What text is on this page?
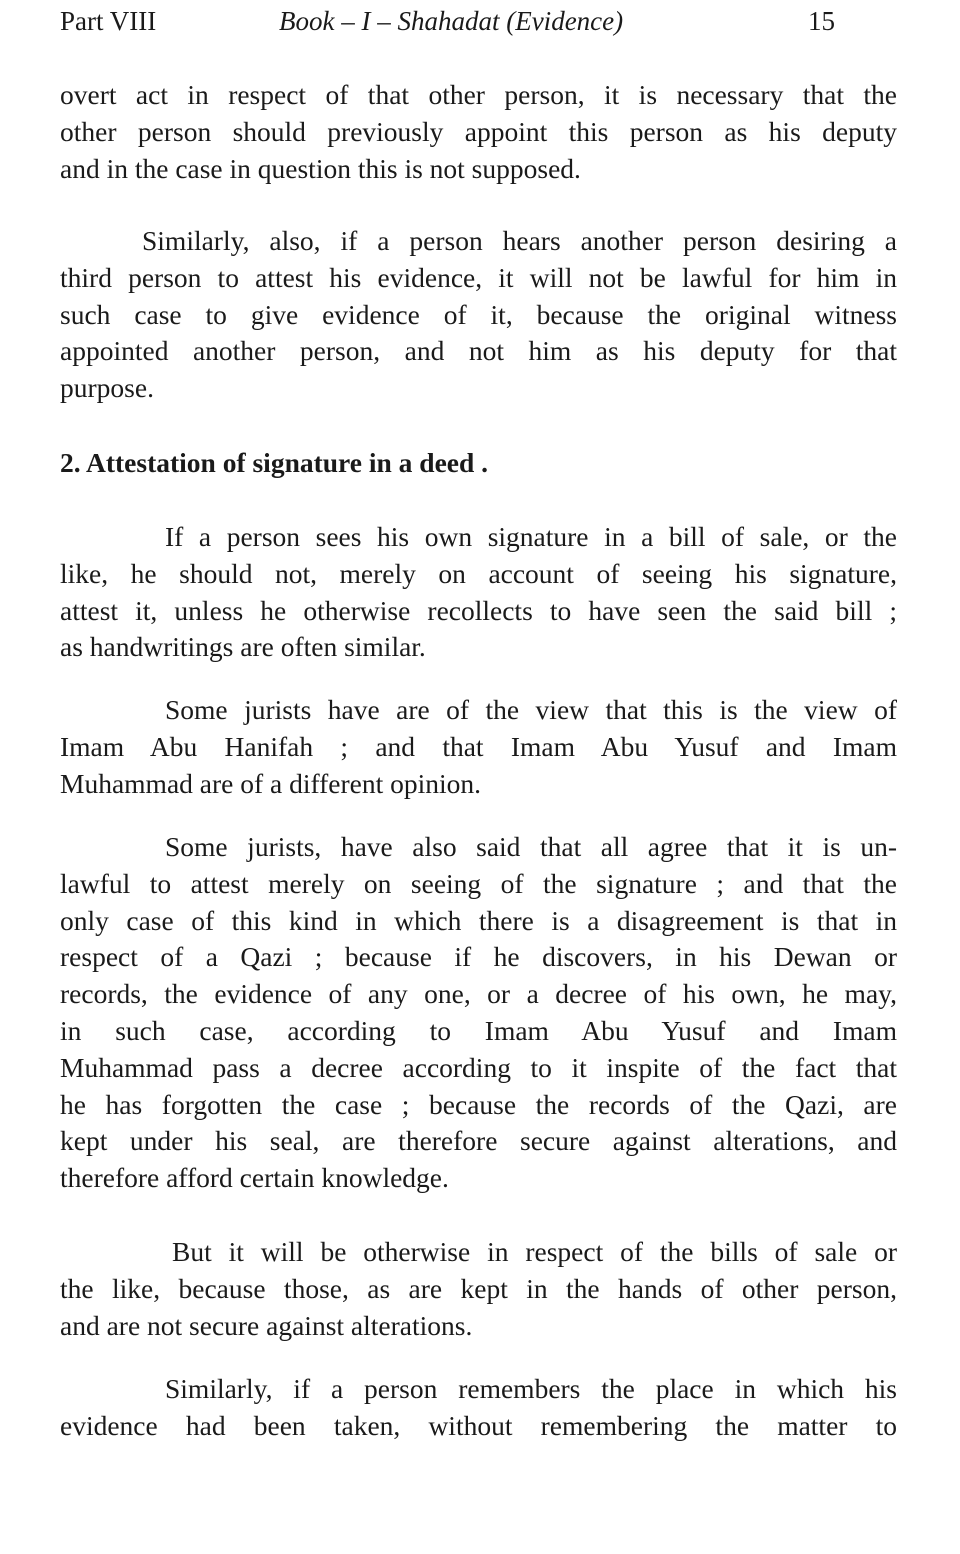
Part VIII	Book – I – Shahadat (Evidence)	15
overt act in respect of that other person, it is necessary that the
other person should previously appoint this person as his deputy
and in the case in question this is not supposed.
Similarly, also, if a person hears another person desiring a
third person to attest his evidence, it will not be lawful for him in
such case to give evidence of it, because the original witness
appointed another person, and not him as his deputy for that
purpose.
2. Attestation of signature in a deed .
If a person sees his own signature in a bill of sale, or the
like, he should not, merely on account of seeing his signature,
attest it, unless he otherwise recollects to have seen the said bill ;
as handwritings are often similar.
Some jurists have are of the view that this is the view of
Imam Abu Hanifah ; and that Imam Abu Yusuf and Imam
Muhammad are of a different opinion.
Some jurists, have also said that all agree that it is un-
lawful to attest merely on seeing of the signature ; and that the
only case of this kind in which there is a disagreement is that in
respect of a Qazi ; because if he discovers, in his Dewan or
records, the evidence of any one, or a decree of his own, he may,
in such case, according to Imam Abu Yusuf and Imam
Muhammad pass a decree according to it inspite of the fact that
he has forgotten the case ; because the records of the Qazi, are
kept under his seal, are therefore secure against alterations, and
therefore afford certain knowledge.
But it will be otherwise in respect of the bills of sale or
the like, because those, as are kept in the hands of other person,
and are not secure against alterations.
Similarly, if a person remembers the place in which his
evidence had been taken, without remembering the matter to
